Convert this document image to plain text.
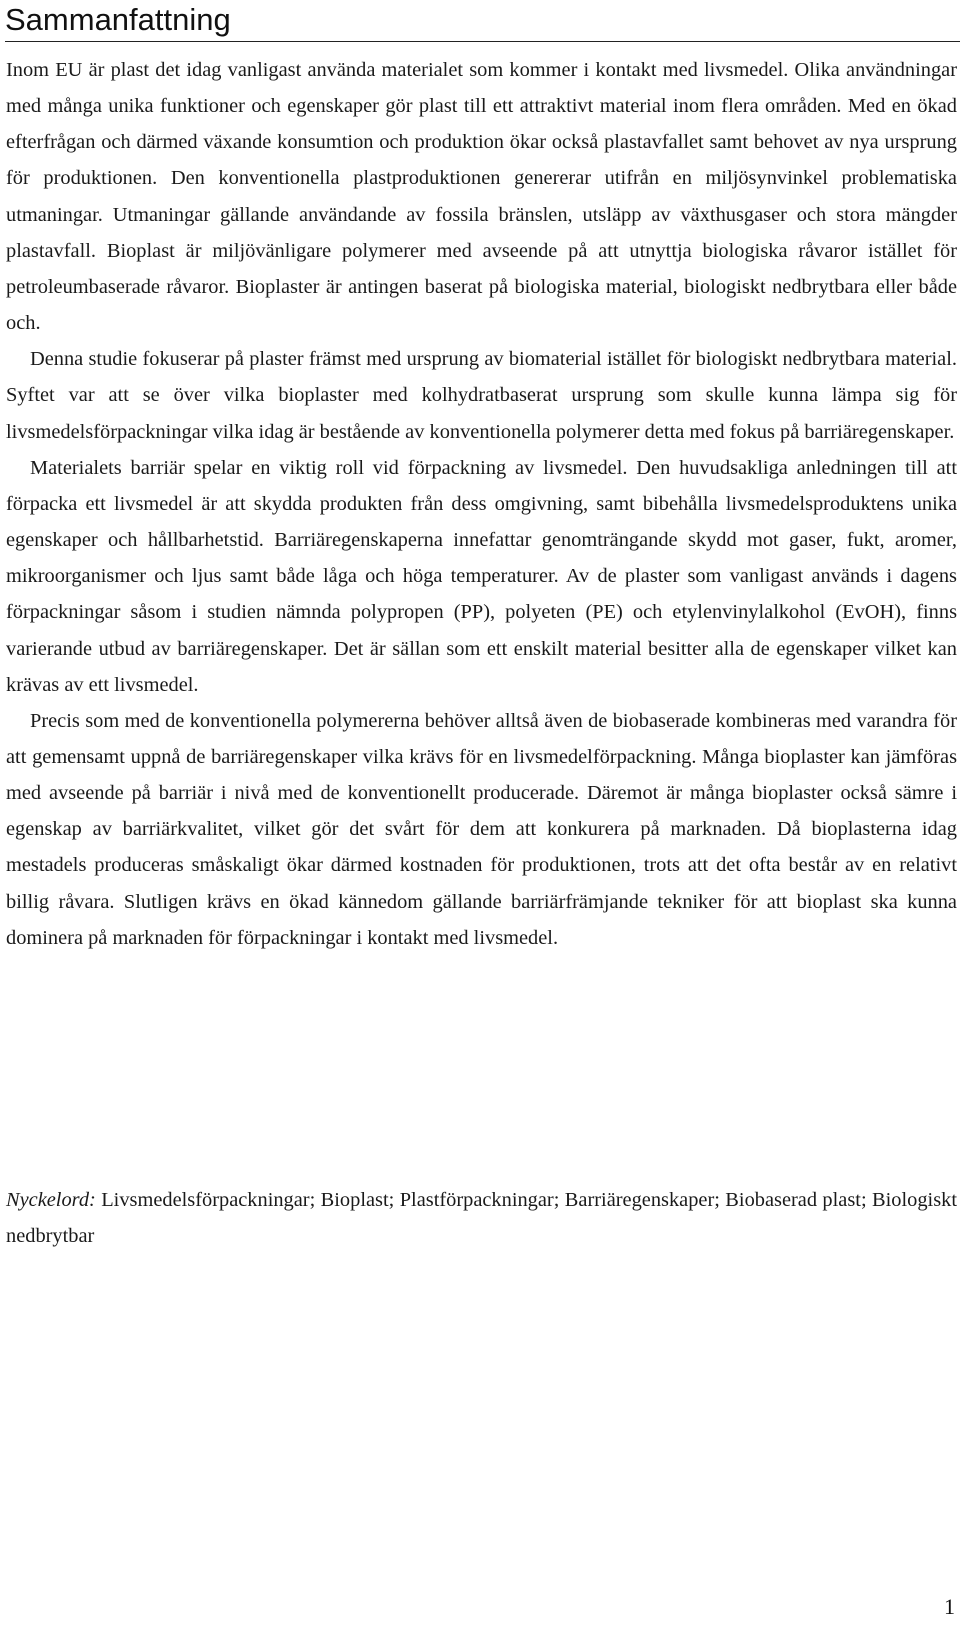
Sammanfattning

Inom EU är plast det idag vanligast använda materialet som kommer i kontakt med livsmedel. Olika användningar med många unika funktioner och egenskaper gör plast till ett attraktivt material inom flera områden. Med en ökad efterfrågan och därmed växande konsumtion och produktion ökar också plastavfallet samt behovet av nya ursprung för produktionen. Den konventionella plastproduktionen genererar utifrån en miljösynvinkel problematiska utmaningar. Utmaningar gällande användande av fossila bränslen, utsläpp av växthusgaser och stora mängder plastavfall. Bioplast är miljövänligare polymerer med avseende på att utnyttja biologiska råvaror istället för petroleumbaserade råvaror. Bioplaster är antingen baserat på biologiska material, biologiskt nedbrytbara eller både och.

Denna studie fokuserar på plaster främst med ursprung av biomaterial istället för biologiskt nedbrytbara material. Syftet var att se över vilka bioplaster med kolhydratbaserat ursprung som skulle kunna lämpa sig för livsmedelsförpackningar vilka idag är bestående av konventionella polymerer detta med fokus på barriäregenskaper.

Materialets barriär spelar en viktig roll vid förpackning av livsmedel. Den huvudsakliga anledningen till att förpacka ett livsmedel är att skydda produkten från dess omgivning, samt bibehålla livsmedelsproduktens unika egenskaper och hållbarhetstid. Barriäregenskaperna innefattar genomträngande skydd mot gaser, fukt, aromer, mikroorganismer och ljus samt både låga och höga temperaturer. Av de plaster som vanligast används i dagens förpackningar såsom i studien nämnda polypropen (PP), polyeten (PE) och etylenvinylalkohol (EvOH), finns varierande utbud av barriäregenskaper. Det är sällan som ett enskilt material besitter alla de egenskaper vilket kan krävas av ett livsmedel.

Precis som med de konventionella polymererna behöver alltså även de biobaserade kombineras med varandra för att gemensamt uppnå de barriäregenskaper vilka krävs för en livsmedelförpackning. Många bioplaster kan jämföras med avseende på barriär i nivå med de konventionellt producerade. Däremot är många bioplaster också sämre i egenskap av barriärkvalitet, vilket gör det svårt för dem att konkurera på marknaden. Då bioplasterna idag mestadels produceras småskaligt ökar därmed kostnaden för produktionen, trots att det ofta består av en relativt billig råvara. Slutligen krävs en ökad kännedom gällande barriärfrämjande tekniker för att bioplast ska kunna dominera på marknaden för förpackningar i kontakt med livsmedel.

Nyckelord: Livsmedelsförpackningar; Bioplast; Plastförpackningar; Barriäregenskaper; Biobaserad plast; Biologiskt nedbrytbar

1
